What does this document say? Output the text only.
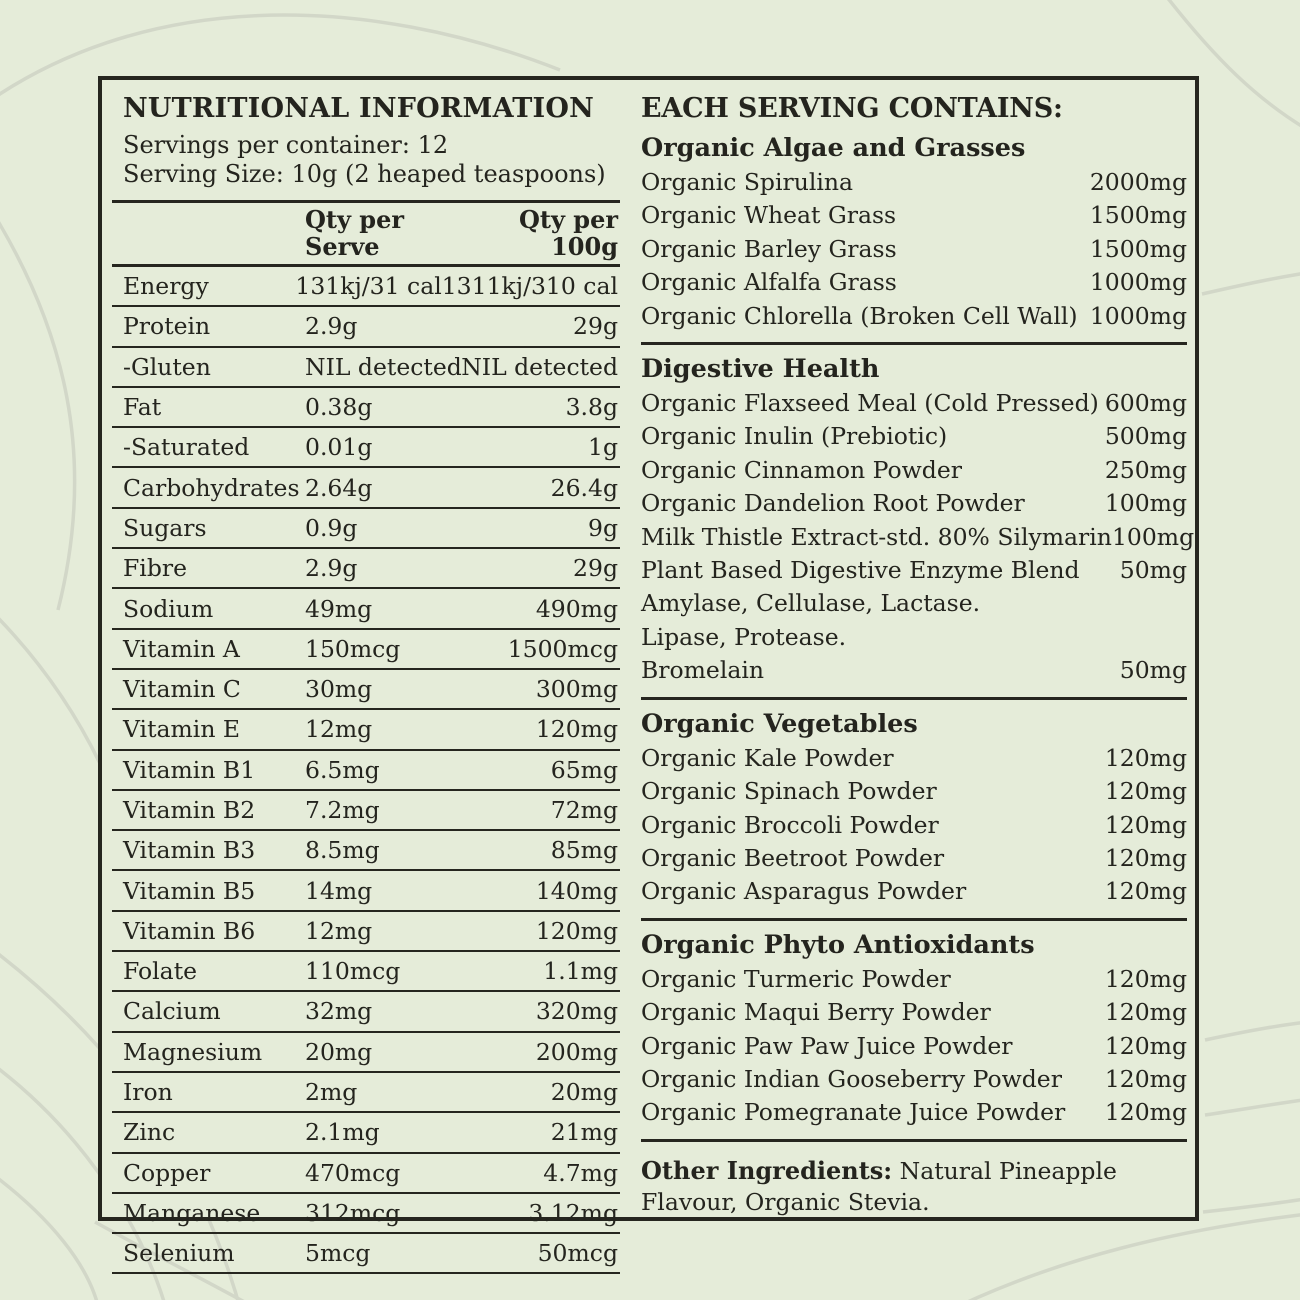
NUTRITIONAL INFORMATION
Servings per container: 12
Serving Size: 10g (2 heaped teaspoons)
Qty per
Serve
Qty per
100g
Energy	131kj/31 cal 1311kj/310 cal
Protein	2.9g	29g
-Gluten	NIL detected NIL detected
Fat	0.38g	3.8g
-Saturated	0.01g	1g
Carbohydrates 2.64g	26.4g
Sugars	0.9g	9g
Fibre	2.9g	29g
Sodium	49mg	490mg
Vitamin A	150mcg	1500mcg
Vitamin C	30mg	300mg
Vitamin E	12mg	120mg
Vitamin B1	6.5mg	65mg
Vitamin B2	7.2mg	72mg
Vitamin B3	8.5mg	85mg
Vitamin B5	14mg	140mg
Vitamin B6	12mg	120mg
Folate	110mcg	1.1mg
Calcium	32mg	320mg
Magnesium	20mg	200mg
Iron	2mg	20mg
Zinc	2.1mg	21mg
Copper	470mcg	4.7mg
Manganese	312mcg	3.12mg
Selenium	5mcg	50mcg
EACH SERVING CONTAINS:
Organic Algae and Grasses
Organic Spirulina	2000mg
Organic Wheat Grass	1500mg
Organic Barley Grass	1500mg
Organic Alfalfa Grass	1000mg
Organic Chlorella (Broken Cell Wall) 1000mg
Digestive Health
Organic Flaxseed Meal (Cold Pressed) 600mg
Organic Inulin (Prebiotic)	500mg
Organic Cinnamon Powder	250mg
Organic Dandelion Root Powder	100mg
Milk Thistle Extract-std. 80% Silymarin 100mg
Plant Based Digestive Enzyme Blend 50mg
Amylase, Cellulase, Lactase.
Lipase, Protease.
Bromelain	50mg
Organic Vegetables
Organic Kale Powder	120mg
Organic Spinach Powder	120mg
Organic Broccoli Powder	120mg
Organic Beetroot Powder	120mg
Organic Asparagus Powder	120mg
Organic Phyto Antioxidants
Organic Turmeric Powder	120mg
Organic Maqui Berry Powder	120mg
Organic Paw Paw Juice Powder	120mg
Organic Indian Gooseberry Powder 120mg
Organic Pomegranate Juice Powder 120mg
Other Ingredients: Natural Pineapple Flavour, Organic Stevia.
